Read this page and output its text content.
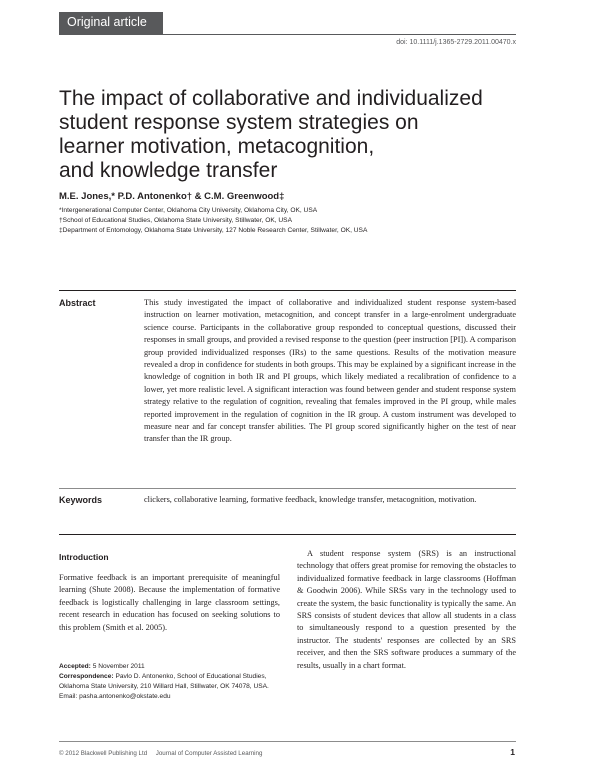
Original article
doi: 10.1111/j.1365-2729.2011.00470.x
The impact of collaborative and individualized
student response system strategies on
learner motivation, metacognition,
and knowledge transfer
M.E. Jones,* P.D. Antonenko† & C.M. Greenwood‡
*Intergenerational Computer Center, Oklahoma City University, Oklahoma City, OK, USA
†School of Educational Studies, Oklahoma State University, Stillwater, OK, USA
‡Department of Entomology, Oklahoma State University, 127 Noble Research Center, Stillwater, OK, USA
Abstract	This study investigated the impact of collaborative and individualized student response system-based instruction on learner motivation, metacognition, and concept transfer in a large-enrolment undergraduate science course. Participants in the collaborative group responded to conceptual questions, discussed their responses in small groups, and provided a revised response to the question (peer instruction [PI]). A comparison group provided individualized responses (IRs) to the same questions. Results of the motivation measure revealed a drop in confidence for students in both groups. This may be explained by a significant increase in the knowledge of cognition in both IR and PI groups, which likely mediated a recalibration of confidence to a lower, yet more realistic level. A significant interaction was found between gender and student response system strategy relative to the regulation of cognition, revealing that females improved in the PI group, while males reported improvement in the regulation of cognition in the IR group. A custom instrument was developed to measure near and far concept transfer abilities. The PI group scored significantly higher on the test of near transfer than the IR group.
Keywords	clickers, collaborative learning, formative feedback, knowledge transfer, metacognition, motivation.
Introduction
Formative feedback is an important prerequisite of meaningful learning (Shute 2008). Because the implementation of formative feedback is logistically challenging in large classroom settings, recent research in education has focused on seeking solutions to this problem (Smith et al. 2005).
Accepted: 5 November 2011
Correspondence: Pavlo D. Antonenko, School of Educational Studies, Oklahoma State University, 210 Willard Hall, Stillwater, OK 74078, USA. Email: pasha.antonenko@okstate.edu
A student response system (SRS) is an instructional technology that offers great promise for removing the obstacles to individualized formative feedback in large classrooms (Hoffman & Goodwin 2006). While SRSs vary in the technology used to create the system, the basic functionality is typically the same. An SRS consists of student devices that allow all students in a class to simultaneously respond to a question presented by the instructor. The students' responses are collected by an SRS receiver, and then the SRS software produces a summary of the results, usually in a chart format.
© 2012 Blackwell Publishing Ltd Journal of Computer Assisted Learning	1
